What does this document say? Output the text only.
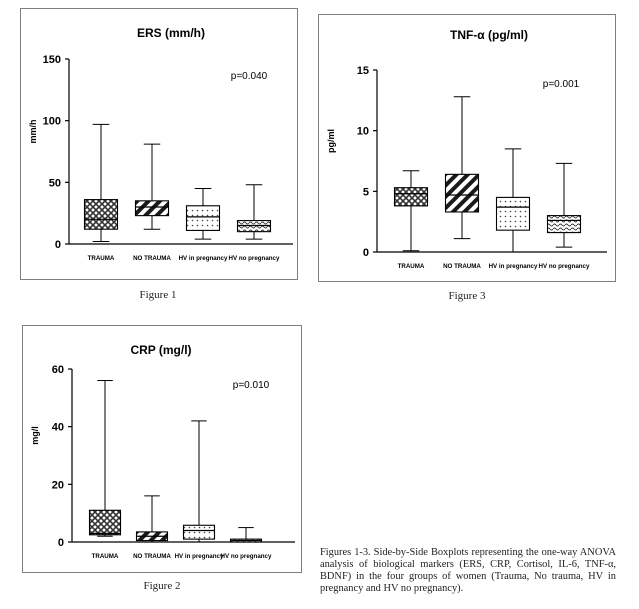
ERS (mm/h)
p=0.040
0
50
100
150
mm/h
TRAUMA	NO TRAUMA HV in pregnancy HV no pregnancy
Figure 1
TNF-α (pg/ml)
p=0.001
0
5
10
15
pg/ml
TRAUMA	NO TRAUMA HV in pregnancy HV no pregnancy
Figure 3
CRP (mg/l)
p=0.010
0
20
40
60
mg/l
TRAUMA NO TRAUMA HV in pregnancy
HV no pregnancy
Figure 2
Figures 1-3. Side-by-Side Boxplots representing the one-way ANOVA analysis of biological markers (ERS, CRP, Cortisol, IL-6, TNF-α, BDNF) in the four groups of women (Trauma, No trauma, HV in pregnancy and HV no pregnancy).
